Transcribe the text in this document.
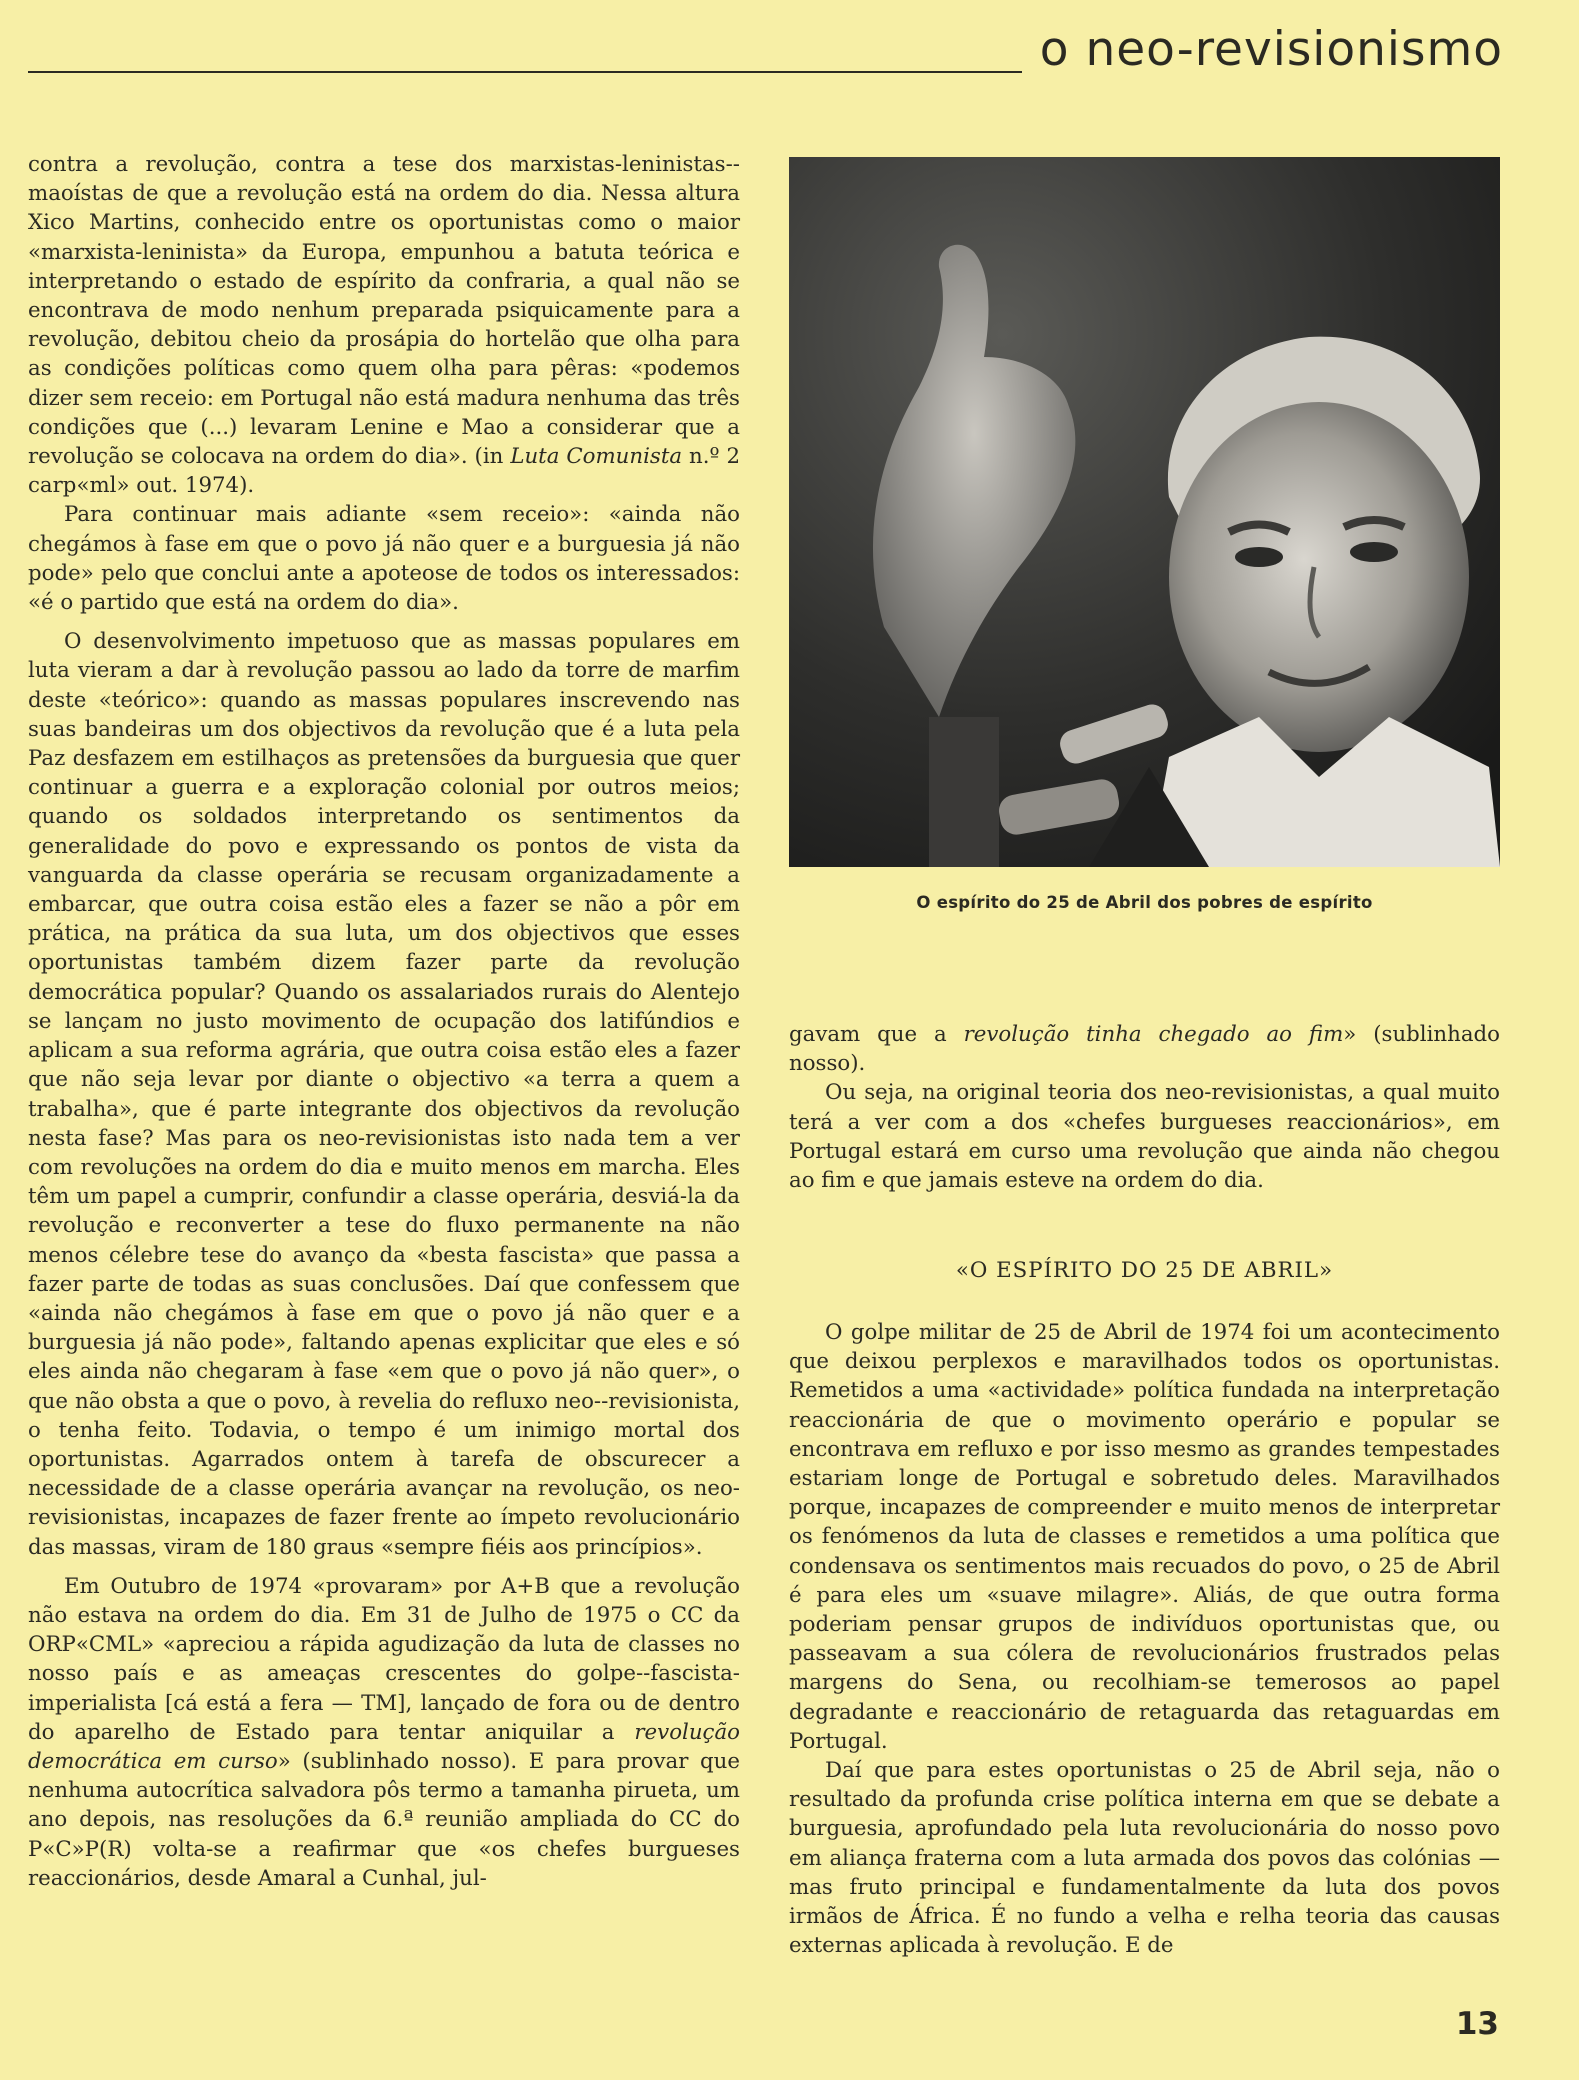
o neo-revisionismo

contra a revolução, contra a tese dos marxistas-leninistas--maoístas de que a revolução está na ordem do dia. Nessa altura Xico Martins, conhecido entre os oportunistas como o maior «marxista-leninista» da Europa, empunhou a batuta teórica e interpretando o estado de espírito da confraria, a qual não se encontrava de modo nenhum preparada psiquicamente para a revolução, debitou cheio da prosápia do hortelão que olha para as condições políticas como quem olha para pêras: «podemos dizer sem receio: em Portugal não está madura nenhuma das três condições que (...) levaram Lenine e Mao a considerar que a revolução se colocava na ordem do dia». (in Luta Comunista n.º 2 carp«ml» out. 1974).

Para continuar mais adiante «sem receio»: «ainda não chegámos à fase em que o povo já não quer e a burguesia já não pode» pelo que conclui ante a apoteose de todos os interessados: «é o partido que está na ordem do dia».

O desenvolvimento impetuoso que as massas populares em luta vieram a dar à revolução passou ao lado da torre de marfim deste «teórico»: quando as massas populares inscrevendo nas suas bandeiras um dos objectivos da revolução que é a luta pela Paz desfazem em estilhaços as pretensões da burguesia que quer continuar a guerra e a exploração colonial por outros meios; quando os soldados interpretando os sentimentos da generalidade do povo e expressando os pontos de vista da vanguarda da classe operária se recusam organizadamente a embarcar, que outra coisa estão eles a fazer se não a pôr em prática, na prática da sua luta, um dos objectivos que esses oportunistas também dizem fazer parte da revolução democrática popular? Quando os assalariados rurais do Alentejo se lançam no justo movimento de ocupação dos latifúndios e aplicam a sua reforma agrária, que outra coisa estão eles a fazer que não seja levar por diante o objectivo «a terra a quem a trabalha», que é parte integrante dos objectivos da revolução nesta fase? Mas para os neo-revisionistas isto nada tem a ver com revoluções na ordem do dia e muito menos em marcha. Eles têm um papel a cumprir, confundir a classe operária, desviá-la da revolução e reconverter a tese do fluxo permanente na não menos célebre tese do avanço da «besta fascista» que passa a fazer parte de todas as suas conclusões. Daí que confessem que «ainda não chegámos à fase em que o povo já não quer e a burguesia já não pode», faltando apenas explicitar que eles e só eles ainda não chegaram à fase «em que o povo já não quer», o que não obsta a que o povo, à revelia do refluxo neo--revisionista, o tenha feito. Todavia, o tempo é um inimigo mortal dos oportunistas. Agarrados ontem à tarefa de obscurecer a necessidade de a classe operária avançar na revolução, os neo-revisionistas, incapazes de fazer frente ao ímpeto revolucionário das massas, viram de 180 graus «sempre fiéis aos princípios».

Em Outubro de 1974 «provaram» por A+B que a revolução não estava na ordem do dia. Em 31 de Julho de 1975 o CC da ORP«CML» «apreciou a rápida agudização da luta de classes no nosso país e as ameaças crescentes do golpe--fascista-imperialista [cá está a fera — TM], lançado de fora ou de dentro do aparelho de Estado para tentar aniquilar a revolução democrática em curso» (sublinhado nosso). E para provar que nenhuma autocrítica salvadora pôs termo a tamanha pirueta, um ano depois, nas resoluções da 6.ª reunião ampliada do CC do P«C»P(R) volta-se a reafirmar que «os chefes burgueses reaccionários, desde Amaral a Cunhal, jul-

O espírito do 25 de Abril dos pobres de espírito

gavam que a revolução tinha chegado ao fim» (sublinhado nosso).

Ou seja, na original teoria dos neo-revisionistas, a qual muito terá a ver com a dos «chefes burgueses reaccionários», em Portugal estará em curso uma revolução que ainda não chegou ao fim e que jamais esteve na ordem do dia.

«O ESPÍRITO DO 25 DE ABRIL»

O golpe militar de 25 de Abril de 1974 foi um acontecimento que deixou perplexos e maravilhados todos os oportunistas. Remetidos a uma «actividade» política fundada na interpretação reaccionária de que o movimento operário e popular se encontrava em refluxo e por isso mesmo as grandes tempestades estariam longe de Portugal e sobretudo deles. Maravilhados porque, incapazes de compreender e muito menos de interpretar os fenómenos da luta de classes e remetidos a uma política que condensava os sentimentos mais recuados do povo, o 25 de Abril é para eles um «suave milagre». Aliás, de que outra forma poderiam pensar grupos de indivíduos oportunistas que, ou passeavam a sua cólera de revolucionários frustrados pelas margens do Sena, ou recolhiam-se temerosos ao papel degradante e reaccionário de retaguarda das retaguardas em Portugal.

Daí que para estes oportunistas o 25 de Abril seja, não o resultado da profunda crise política interna em que se debate a burguesia, aprofundado pela luta revolucionária do nosso povo em aliança fraterna com a luta armada dos povos das colónias — mas fruto principal e fundamentalmente da luta dos povos irmãos de África. É no fundo a velha e relha teoria das causas externas aplicada à revolução. E de

13
